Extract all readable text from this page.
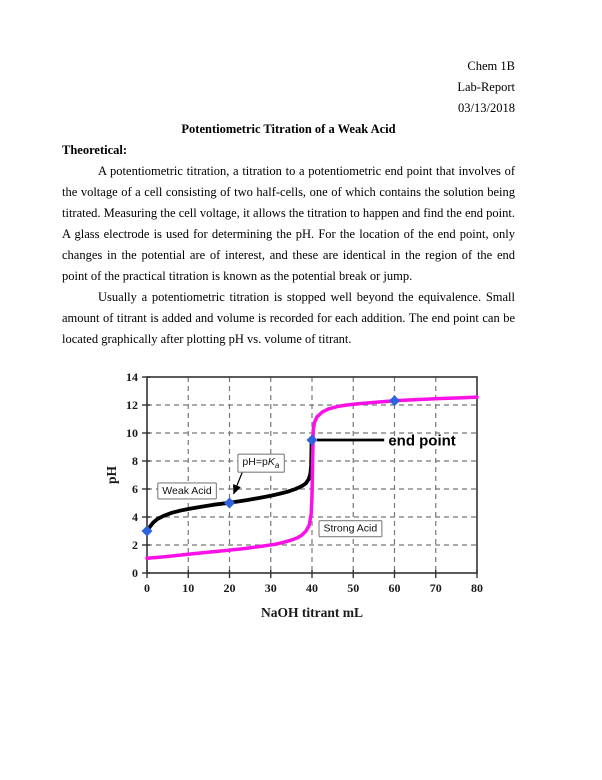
Chem 1B
Lab-Report
03/13/2018
Potentiometric Titration of a Weak Acid
Theoretical:

A potentiometric titration, a titration to a potentiometric end point that involves of the voltage of a cell consisting of two half-cells, one of which contains the solution being titrated. Measuring the cell voltage, it allows the titration to happen and find the end point. A glass electrode is used for determining the pH. For the location of the end point, only changes in the potential are of interest, and these are identical in the region of the end point of the practical titration is known as the potential break or jump.

Usually a potentiometric titration is stopped well beyond the equivalence. Small amount of titrant is added and volume is recorded for each addition. The end point can be located graphically after plotting pH vs. volume of titrant.

0	10 20 30 40 50 60 70 80
0
2
4
6
8
10
12
14
NaOH titrant mL
pH
Weak Acid
$pH=pK_a$
Strong Acid
end point
